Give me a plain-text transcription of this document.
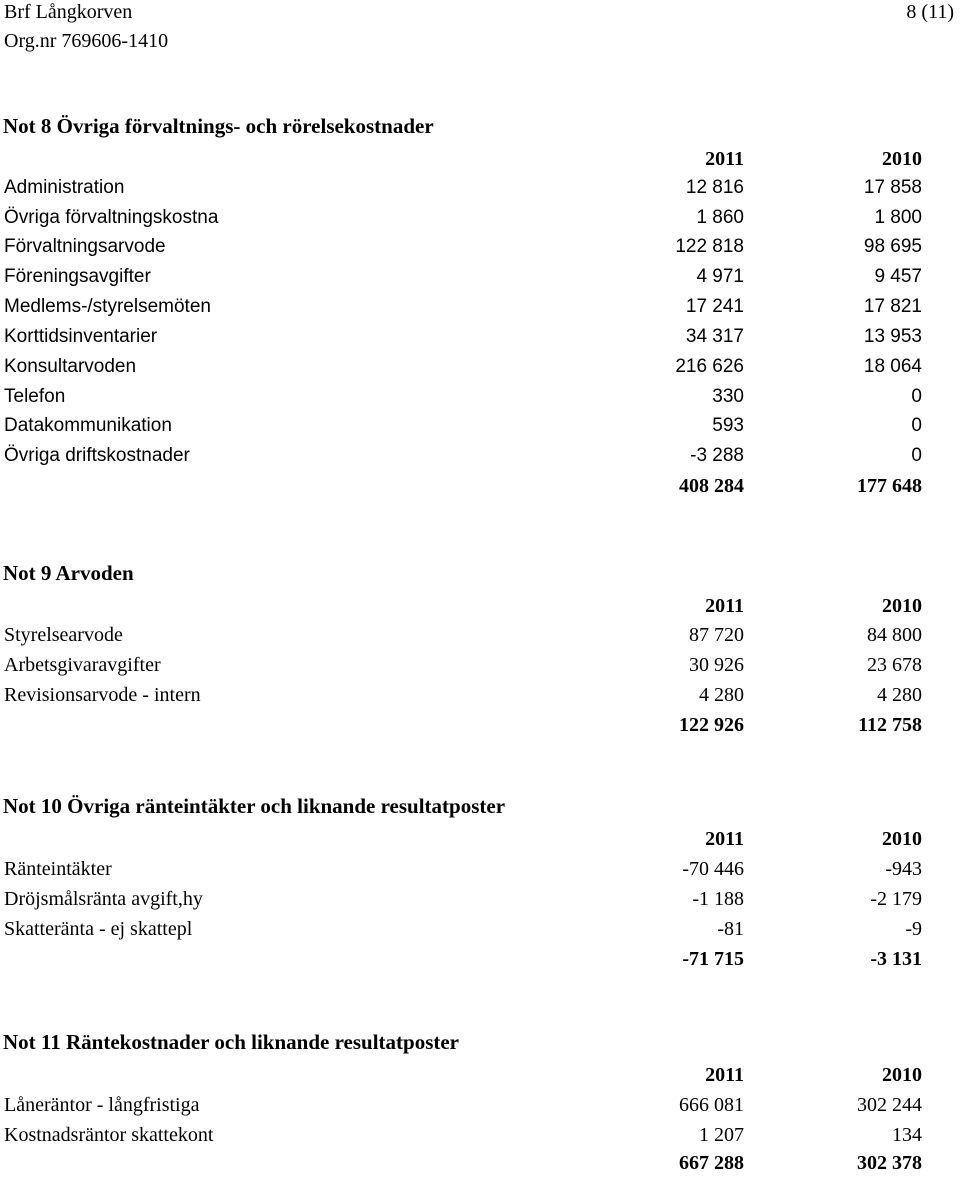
Brf Långkorven
Org.nr 769606-1410
8 (11)
Not 8 Övriga förvaltnings- och rörelsekostnader
2011	2010
Administration	12 816	17 858
Övriga förvaltningskostna	1 860	1 800
Förvaltningsarvode	122 818	98 695
Föreningsavgifter	4 971	9 457
Medlems-/styrelsemöten	17 241	17 821
Korttidsinventarier	34 317	13 953
Konsultarvoden	216 626	18 064
Telefon	330	0
Datakommunikation	593	0
Övriga driftskostnader	-3 288	0
408 284	177 648
Not 9 Arvoden
2011	2010
Styrelsearvode	87 720	84 800
Arbetsgivaravgifter	30 926	23 678
Revisionsarvode - intern	4 280	4 280
122 926	112 758
Not 10 Övriga ränteintäkter och liknande resultatposter
2011	2010
Ränteintäkter	-70 446	-943
Dröjsmålsränta avgift,hy	-1 188	-2 179
Skatteränta - ej skattepl	-81	-9
-71 715	-3 131
Not 11 Räntekostnader och liknande resultatposter
2011	2010
Låneräntor - långfristiga	666 081	302 244
Kostnadsräntor skattekont	1 207	134
667 288	302 378
